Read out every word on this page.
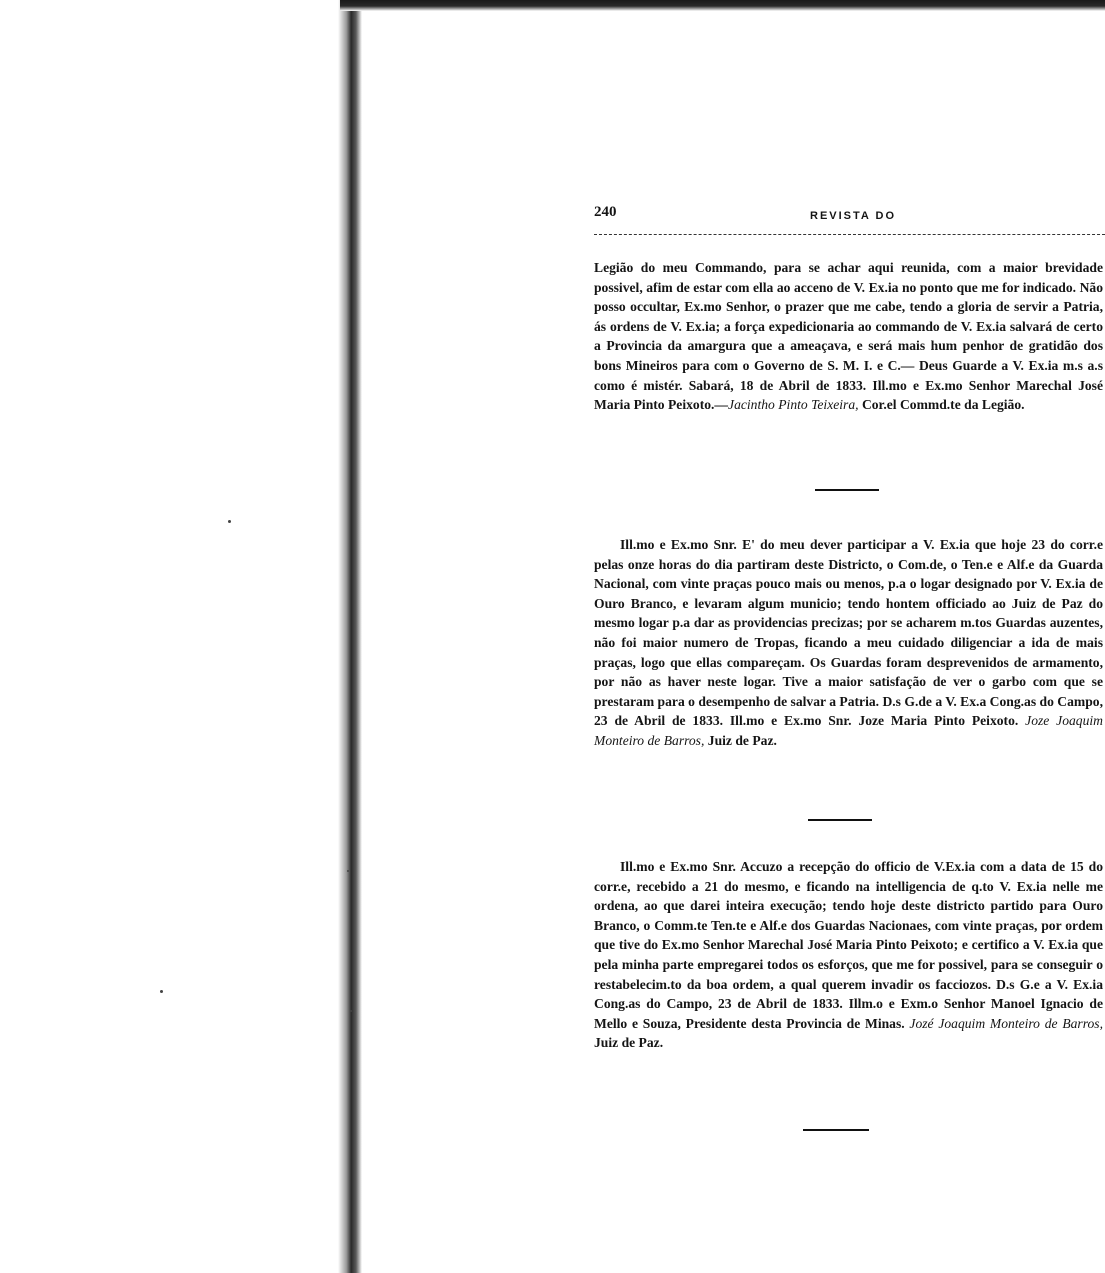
240	REVISTA DO
Legião do meu Commando, para se achar aqui reunida, com a maior brevidade possivel, afim de estar com ella ao acceno de V. Ex.ia no ponto que me for indicado. Não posso occultar, Ex.mo Senhor, o prazer que me cabe, tendo a gloria de servir a Patria, ás ordens de V. Ex.ia; a força expedicionaria ao commando de V. Ex.ia salvará de certo a Provincia da amargura que a ameaçava, e será mais hum penhor de gratidão dos bons Mineiros para com o Governo de S. M. I. e C.— Deus Guarde a V. Ex.ia m.s a.s como é mistér. Sabará, 18 de Abril de 1833. Ill.mo e Ex.mo Senhor Marechal José Maria Pinto Peixoto.—Jacintho Pinto Teixeira, Cor.el Commd.te da Legião.
Ill.mo e Ex.mo Snr. E' do meu dever participar a V. Ex.ia que hoje 23 do corr.e pelas onze horas do dia partiram deste Districto, o Com.de, o Ten.e e Alf.e da Guarda Nacional, com vinte praças pouco mais ou menos, p.a o logar designado por V. Ex.ia de Ouro Branco, e levaram algum municio; tendo hontem officiado ao Juiz de Paz do mesmo logar p.a dar as providencias precizas; por se acharem m.tos Guardas auzentes, não foi maior numero de Tropas, ficando a meu cuidado diligenciar a ida de mais praças, logo que ellas compareçam. Os Guardas foram desprevenidos de armamento, por não as haver neste logar. Tive a maior satisfação de ver o garbo com que se prestaram para o desempenho de salvar a Patria. D.s G.de a V. Ex.a Cong.as do Campo, 23 de Abril de 1833. Ill.mo e Ex.mo Snr. Joze Maria Pinto Peixoto. Joze Joaquim Monteiro de Barros, Juiz de Paz.
Ill.mo e Ex.mo Snr. Accuzo a recepção do officio de V.Ex.ia com a data de 15 do corr.e, recebido a 21 do mesmo, e ficando na intelligencia de q.to V. Ex.ia nelle me ordena, ao que darei inteira execução; tendo hoje deste districto partido para Ouro Branco, o Comm.te Ten.te e Alf.e dos Guardas Nacionaes, com vinte praças, por ordem que tive do Ex.mo Senhor Marechal José Maria Pinto Peixoto; e certifico a V. Ex.ia que pela minha parte empregarei todos os esforços, que me for possivel, para se conseguir o restabelecim.to da boa ordem, a qual querem invadir os facciozos. D.s G.e a V. Ex.ia Cong.as do Campo, 23 de Abril de 1833. Illm.o e Exm.o Senhor Manoel Ignacio de Mello e Souza, Presidente desta Provincia de Minas. Jozé Joaquim Monteiro de Barros, Juiz de Paz.
